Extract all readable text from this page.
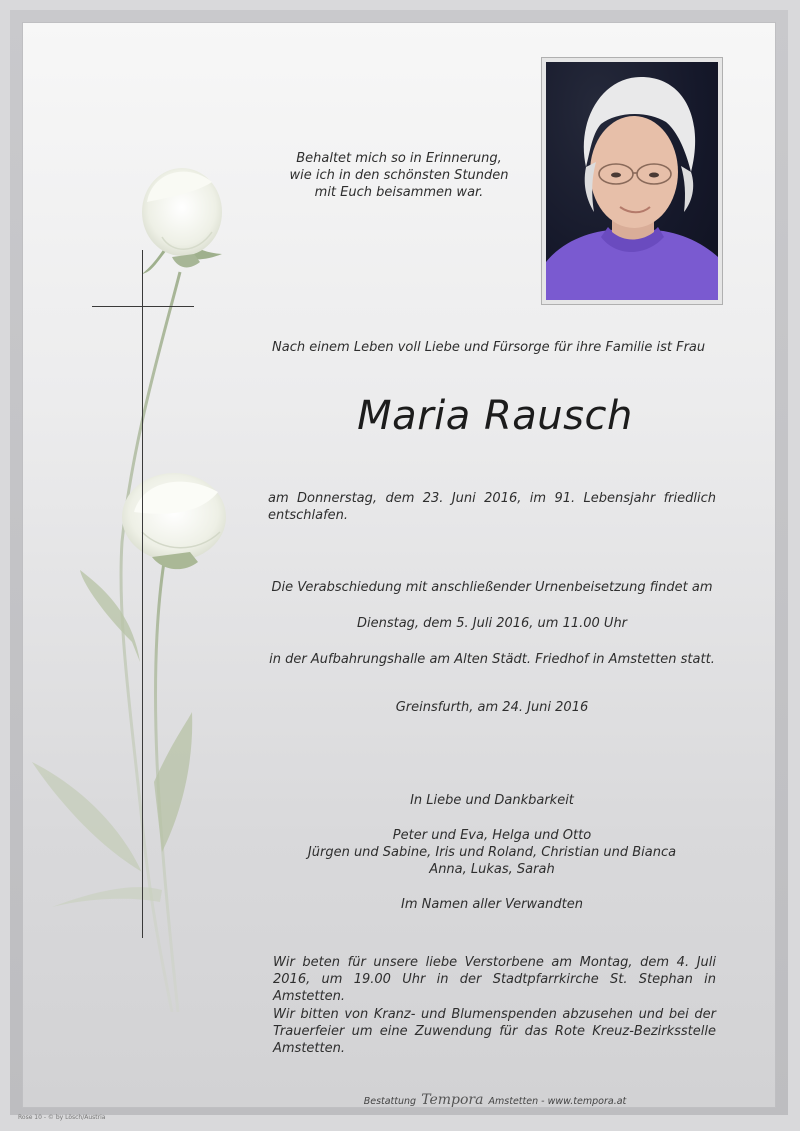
Behaltet mich so in Erinnerung,
wie ich in den schönsten Stunden
mit Euch beisammen war.
Nach einem Leben voll Liebe und Fürsorge für ihre Familie ist Frau
Maria Rausch
am Donnerstag, dem 23. Juni 2016, im 91. Lebensjahr friedlich entschlafen.
Die Verabschiedung mit anschließender Urnenbeisetzung findet am
Dienstag, dem 5. Juli 2016, um 11.00 Uhr
in der Aufbahrungshalle am Alten Städt. Friedhof in Amstetten statt.
Greinsfurth, am 24. Juni 2016
In Liebe und Dankbarkeit
Peter und Eva, Helga und Otto
Jürgen und Sabine, Iris und Roland, Christian und Bianca
Anna, Lukas, Sarah
Im Namen aller Verwandten
Wir beten für unsere liebe Verstorbene am Montag, dem 4. Juli 2016, um 19.00 Uhr in der Stadtpfarrkirche St. Stephan in Amstetten.
Wir bitten von Kranz- und Blumenspenden abzusehen und bei der Trauerfeier um eine Zuwendung für das Rote Kreuz-Bezirksstelle Amstetten.
Bestattung Tempora Amstetten - www.tempora.at
Rose 10 - © by Lösch/Austria
